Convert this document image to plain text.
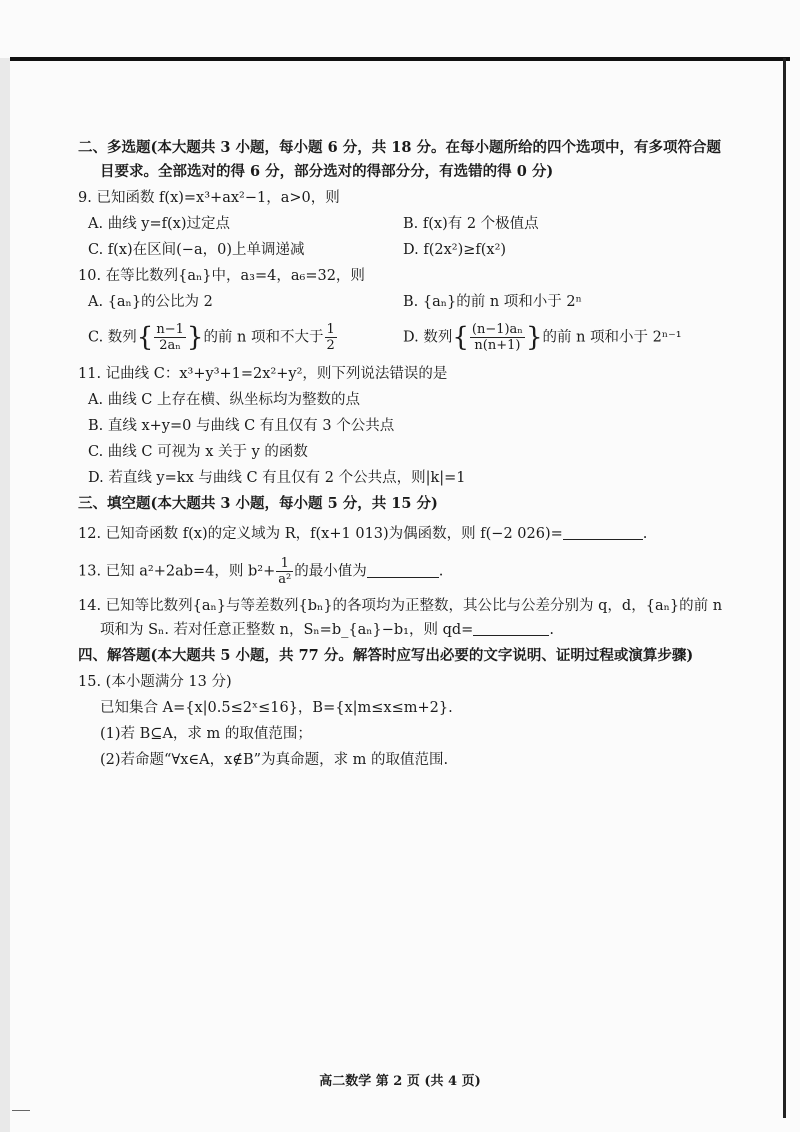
二、多选题(本大题共 3 小题，每小题 6 分，共 18 分。在每小题所给的四个选项中，有多项符合题
目要求。全部选对的得 6 分，部分选对的得部分分，有选错的得 0 分)
9. 已知函数 f(x)=x³+ax²−1，a>0，则
A. 曲线 y=f(x)过定点	B. f(x)有 2 个极值点
C. f(x)在区间(−a，0)上单调递减	D. f(2x²)≥f(x²)
10. 在等比数列{aₙ}中，a₃=4，a₆=32，则
A. {aₙ}的公比为 2	B. {aₙ}的前 n 项和小于 2ⁿ
C. 数列{ $\frac{n-1}{\text{2aₙ}}$ }的前 n 项和不大于 $\frac{1}{2}$	D. 数列{ $\frac{\text{(n−1)aₙ}}{n(n+1)}$ }的前 n 项和小于 2ⁿ⁻¹
11. 记曲线 C：x³+y³+1=2x²+y²，则下列说法错误的是
A. 曲线 C 上存在横、纵坐标均为整数的点
B. 直线 x+y=0 与曲线 C 有且仅有 3 个公共点
C. 曲线 C 可视为 x 关于 y 的函数
D. 若直线 y=kx 与曲线 C 有且仅有 2 个公共点，则|k|=1
三、填空题(本大题共 3 小题，每小题 5 分，共 15 分)
12. 已知奇函数 f(x)的定义域为 R，f(x+1 013)为偶函数，则 f(−2 026)=	.
13. 已知 a²+2ab=4，则 $b^2+ \frac{1}{\text{a²}}$ 的最小值为	.
14. 已知等比数列{aₙ}与等差数列{bₙ}的各项均为正整数，其公比与公差分别为 q，d，{aₙ}的前 n
项和为 Sₙ. 若对任意正整数 n，Sₙ=b_{aₙ}−b₁，则 qd=	.
四、解答题(本大题共 5 小题，共 77 分。解答时应写出必要的文字说明、证明过程或演算步骤)
15. (本小题满分 13 分)
已知集合 A={x|0.5≤2ˣ≤16}，B={x|m≤x≤m+2}.
(1)若 B⊆A，求 m 的取值范围；
(2)若命题“∀x∈A，x∉B”为真命题，求 m 的取值范围.
高二数学 第 2 页 (共 4 页)
